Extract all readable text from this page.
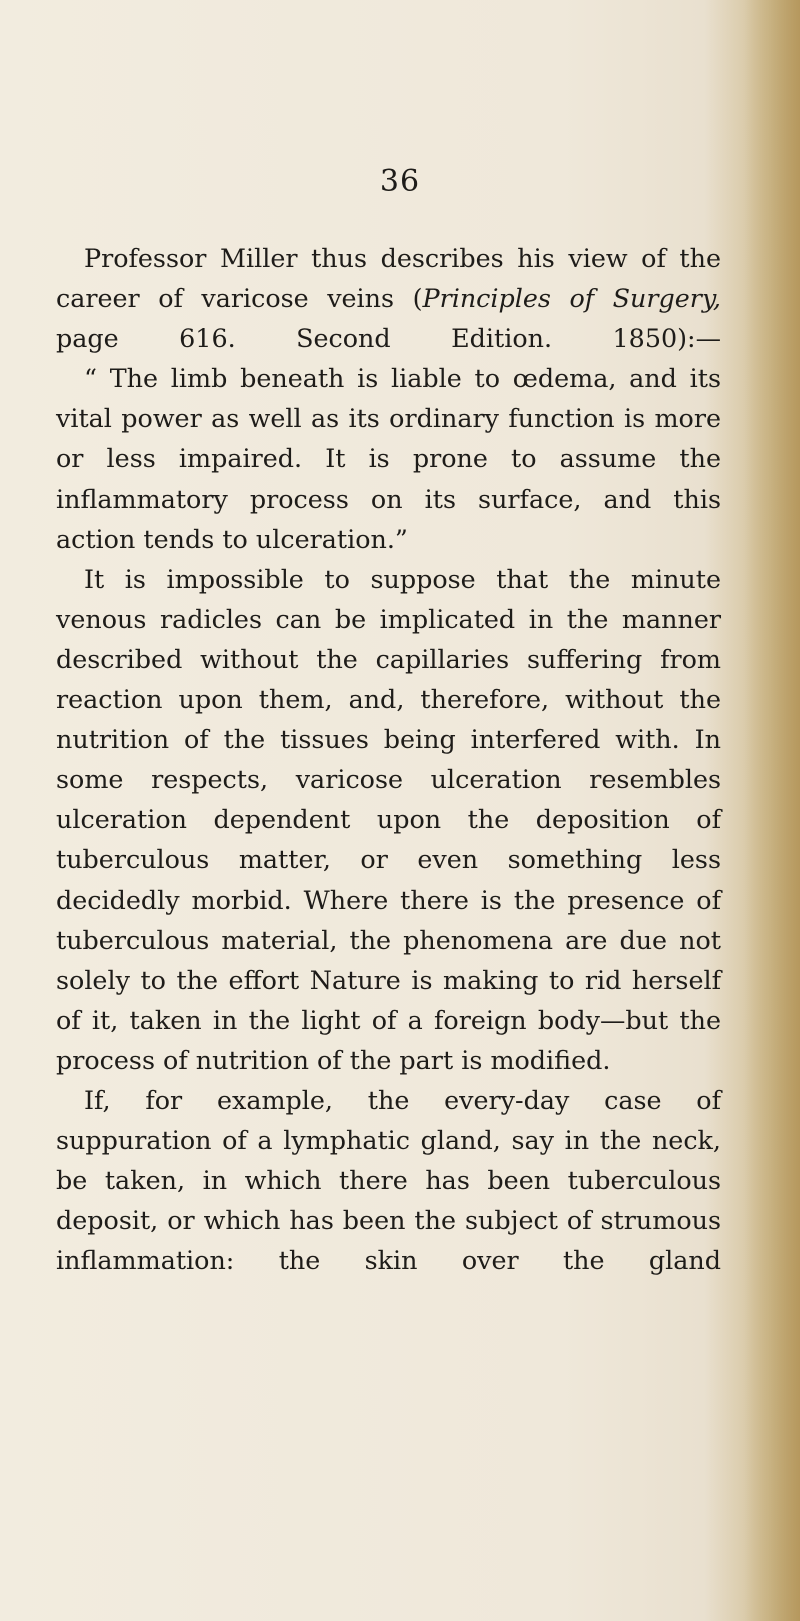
36

Professor Miller thus describes his view of the career of varicose veins (Principles of Surgery, page 616. Second Edition. 1850):—

“ The limb beneath is liable to œdema, and its vital power as well as its ordinary function is more or less impaired. It is prone to assume the inflammatory process on its surface, and this action tends to ulceration.”

It is impossible to suppose that the minute venous radicles can be implicated in the manner described without the capillaries suffering from reaction upon them, and, therefore, without the nutrition of the tissues being interfered with. In some respects, varicose ulceration resembles ulceration dependent upon the deposition of tuberculous matter, or even something less decidedly morbid. Where there is the presence of tuberculous material, the phenomena are due not solely to the effort Nature is making to rid herself of it, taken in the light of a foreign body—but the process of nutrition of the part is modified.

If, for example, the every-day case of suppuration of a lymphatic gland, say in the neck, be taken, in which there has been tuberculous deposit, or which has been the subject of strumous inflammation: the skin over the gland
